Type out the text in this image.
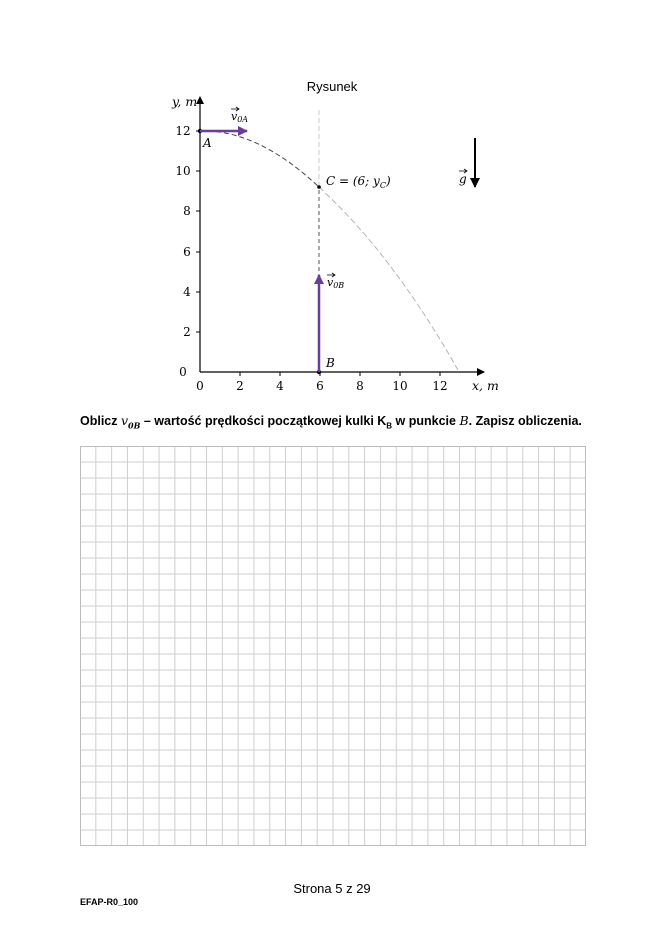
Rysunek
0
2
4
6
8
10
12
0	2	4	6	8 10 12
y, m
x, m
A
B
C = (6; $y_C$)
v0A
v0B
g
Oblicz $v_{0B}$ – wartość prędkości początkowej kulki $K_B$ w punkcie B. Zapisz obliczenia.
Strona 5 z 29
EFAP-R0_100
